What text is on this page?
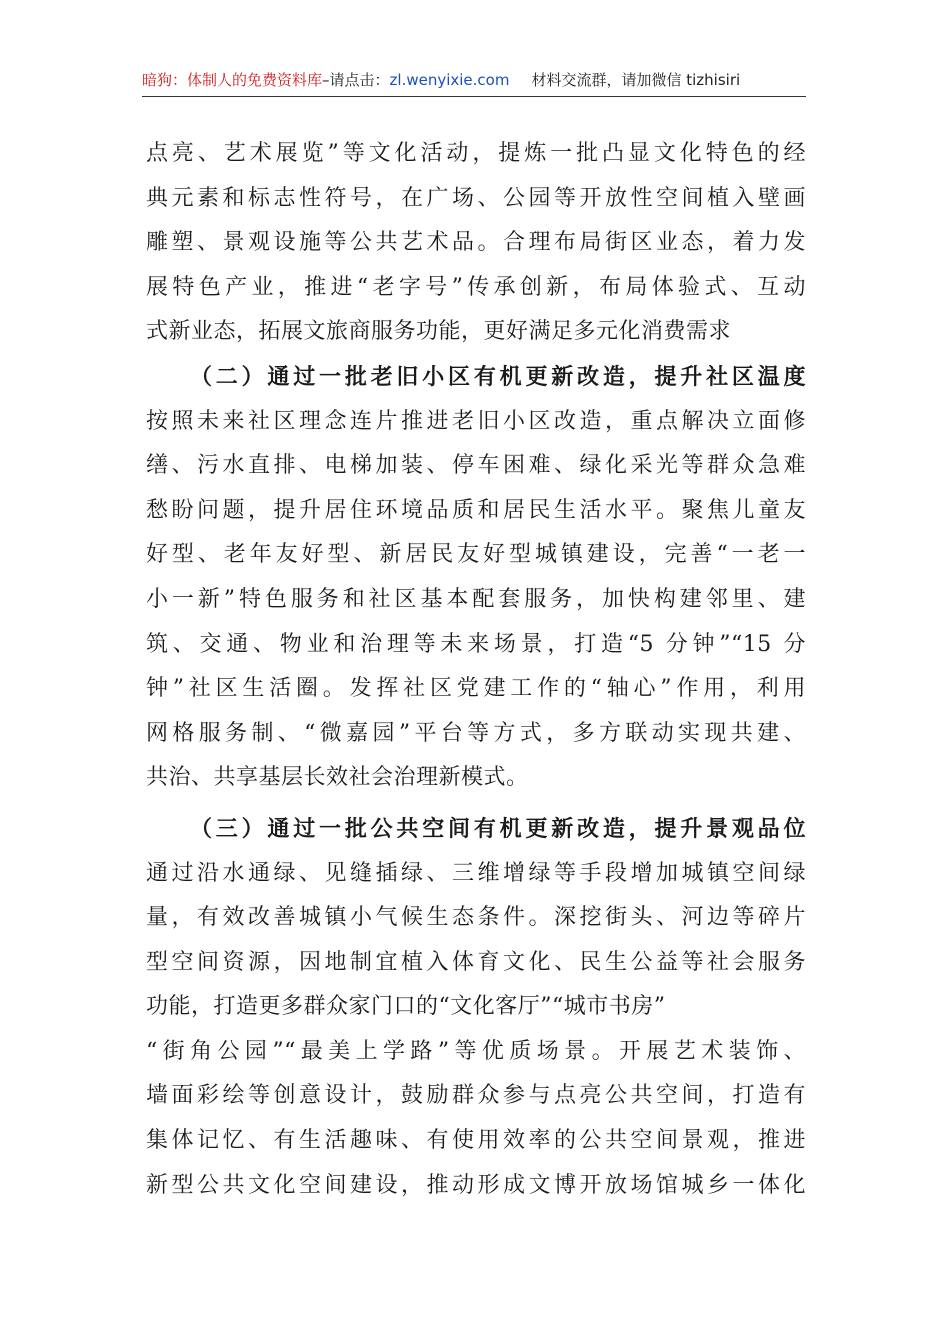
暗狗：体制人的免费资料库–请点击：zl.wenyixie.com 材料交流群，请加微信 tizhisiri
点亮、艺术展览”等文化活动，提炼一批凸显文化特色的经
典元素和标志性符号，在广场、公园等开放性空间植入壁画
雕塑、景观设施等公共艺术品。合理布局街区业态，着力发
展特色产业，推进“老字号”传承创新，布局体验式、互动
式新业态，拓展文旅商服务功能，更好满足多元化消费需求
（二）通过一批老旧小区有机更新改造，提升社区温度
按照未来社区理念连片推进老旧小区改造，重点解决立面修
缮、污水直排、电梯加装、停车困难、绿化采光等群众急难
愁盼问题，提升居住环境品质和居民生活水平。聚焦儿童友
好型、老年友好型、新居民友好型城镇建设，完善“一老一
小一新”特色服务和社区基本配套服务，加快构建邻里、建
筑、交通、物业和治理等未来场景，打造“5 分钟”“15 分
钟”社区生活圈。发挥社区党建工作的“轴心”作用，利用
网格服务制、“微嘉园”平台等方式，多方联动实现共建、
共治、共享基层长效社会治理新模式。
（三）通过一批公共空间有机更新改造，提升景观品位
通过沿水通绿、见缝插绿、三维增绿等手段增加城镇空间绿
量，有效改善城镇小气候生态条件。深挖街头、河边等碎片
型空间资源，因地制宜植入体育文化、民生公益等社会服务
功能，打造更多群众家门口的“文化客厅”“城市书房”
“街角公园”“最美上学路”等优质场景。开展艺术装饰、
墙面彩绘等创意设计，鼓励群众参与点亮公共空间，打造有
集体记忆、有生活趣味、有使用效率的公共空间景观，推进
新型公共文化空间建设，推动形成文博开放场馆城乡一体化
